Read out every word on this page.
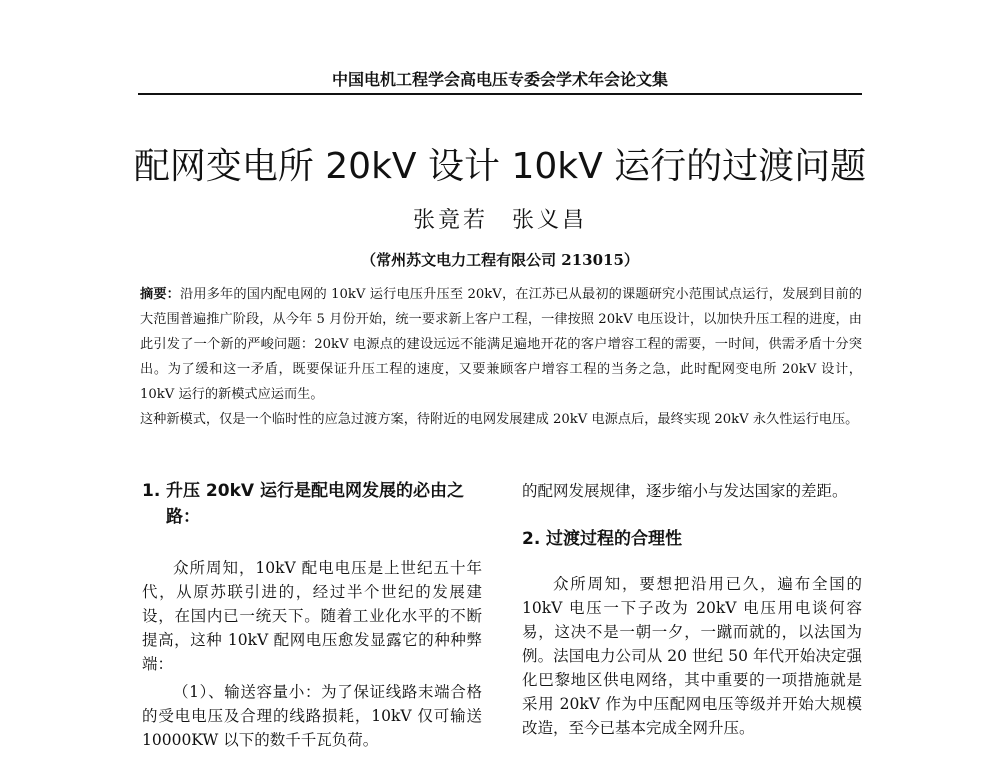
中国电机工程学会高电压专委会学术年会论文集
配网变电所 20kV 设计 10kV 运行的过渡问题
张竟若 张义昌
（常州苏文电力工程有限公司 213015）

摘要：沿用多年的国内配电网的 10kV 运行电压升压至 20kV，在江苏已从最初的课题研究小范围试点运行，发展到目前的大范围普遍推广阶段，从今年 5 月份开始，统一要求新上客户工程，一律按照 20kV 电压设计，以加快升压工程的进度，由此引发了一个新的严峻问题：20kV 电源点的建设远远不能满足遍地开花的客户增容工程的需要，一时间，供需矛盾十分突出。为了缓和这一矛盾，既要保证升压工程的速度，又要兼顾客户增容工程的当务之急，此时配网变电所 20kV 设计，10kV 运行的新模式应运而生。

这种新模式，仅是一个临时性的应急过渡方案，待附近的电网发展建成 20kV 电源点后，最终实现 20kV 永久性运行电压。

1. 升压 20kV 运行是配电网发展的必由之路：

众所周知，10kV 配电电压是上世纪五十年代，从原苏联引进的，经过半个世纪的发展建设，在国内已一统天下。随着工业化水平的不断提高，这种 10kV 配网电压愈发显露它的种种弊端：

（1）、输送容量小：为了保证线路末端合格的受电电压及合理的线路损耗，10kV 仅可输送 10000KW 以下的数千千瓦负荷。

的配网发展规律，逐步缩小与发达国家的差距。

2. 过渡过程的合理性

众所周知，要想把沿用已久，遍布全国的 10kV 电压一下子改为 20kV 电压用电谈何容易，这决不是一朝一夕，一蹴而就的，以法国为例。法国电力公司从 20 世纪 50 年代开始决定强化巴黎地区供电网络，其中重要的一项措施就是采用 20kV 作为中压配网电压等级并开始大规模改造，至今已基本完成全网升压。
